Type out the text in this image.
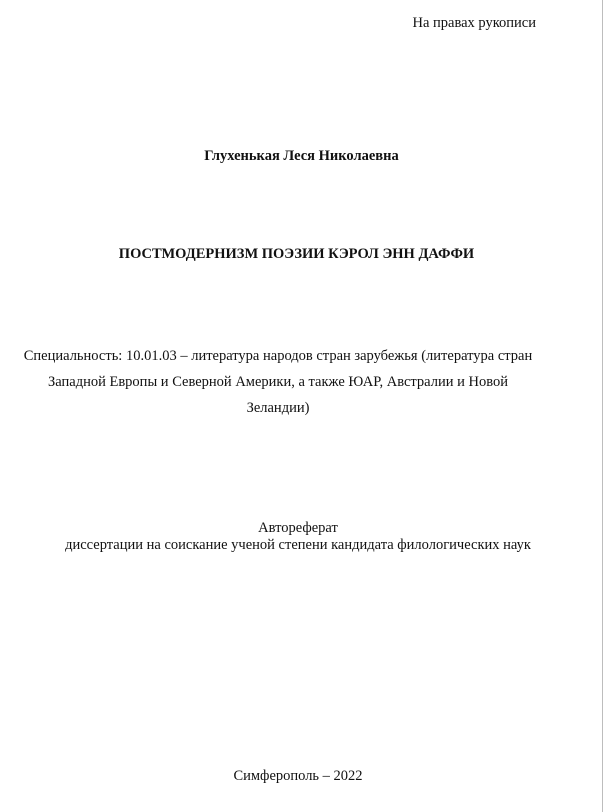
На правах рукописи

Глухенькая Леся Николаевна

ПОСТМОДЕРНИЗМ ПОЭЗИИ КЭРОЛ ЭНН ДАФФИ

Специальность: 10.01.03 – литература народов стран зарубежья (литература стран
Западной Европы и Северной Америки, а также ЮАР, Австралии и Новой
Зеландии)
Автореферат
диссертации на соискание ученой степени кандидата филологических наук

Симферополь – 2022
